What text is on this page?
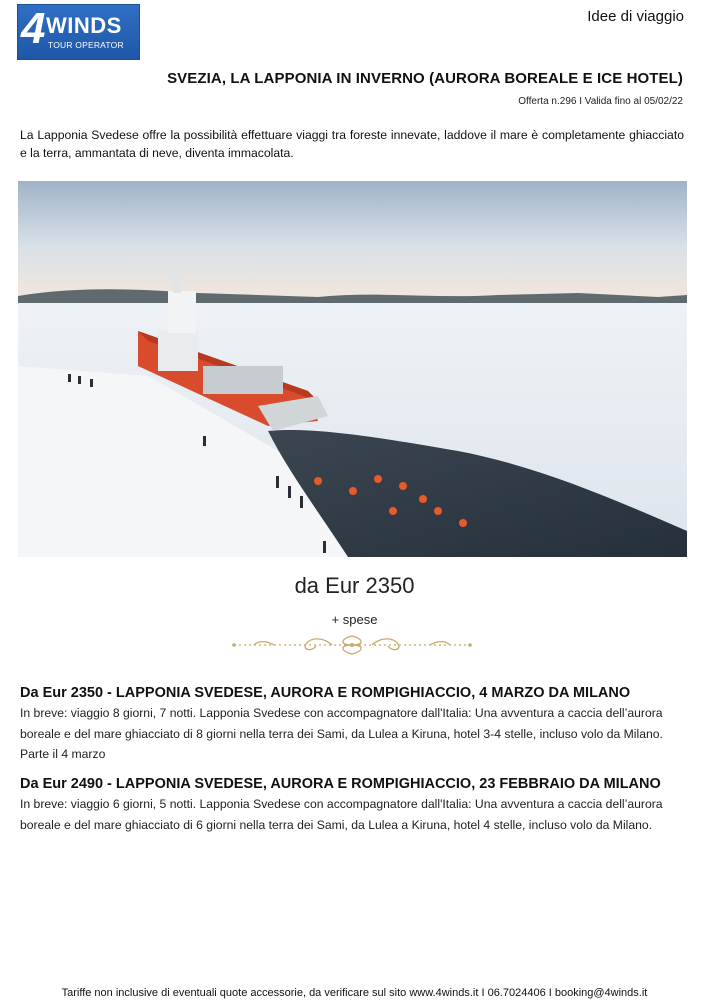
4 WINDS
TOUR OPERATOR
Idee di viaggio
SVEZIA, LA LAPPONIA IN INVERNO (AURORA BOREALE E ICE HOTEL)
Offerta n.296 I Valida fino al 05/02/22
La Lapponia Svedese offre la possibilità effettuare viaggi tra foreste innevate, laddove il mare è completamente ghiacciato e la terra, ammantata di neve, diventa immacolata.
da Eur 2350
+ spese
Da Eur 2350 - LAPPONIA SVEDESE, AURORA E ROMPIGHIACCIO, 4 MARZO DA MILANO

In breve: viaggio 8 giorni, 7 notti. Lapponia Svedese con accompagnatore dall'Italia: Una avventura a caccia dell’aurora boreale e del mare ghiacciato di 8 giorni nella terra dei Sami, da Lulea a Kiruna, hotel 3-4 stelle, incluso volo da Milano. Parte il 4 marzo

Da Eur 2490 - LAPPONIA SVEDESE, AURORA E ROMPIGHIACCIO, 23 FEBBRAIO DA MILANO

In breve: viaggio 6 giorni, 5 notti. Lapponia Svedese con accompagnatore dall'Italia: Una avventura a caccia dell’aurora boreale e del mare ghiacciato di 6 giorni nella terra dei Sami, da Lulea a Kiruna, hotel 4 stelle, incluso volo da Milano.

Tariffe non inclusive di eventuali quote accessorie, da verificare sul sito www.4winds.it I 06.7024406 I booking@4winds.it
